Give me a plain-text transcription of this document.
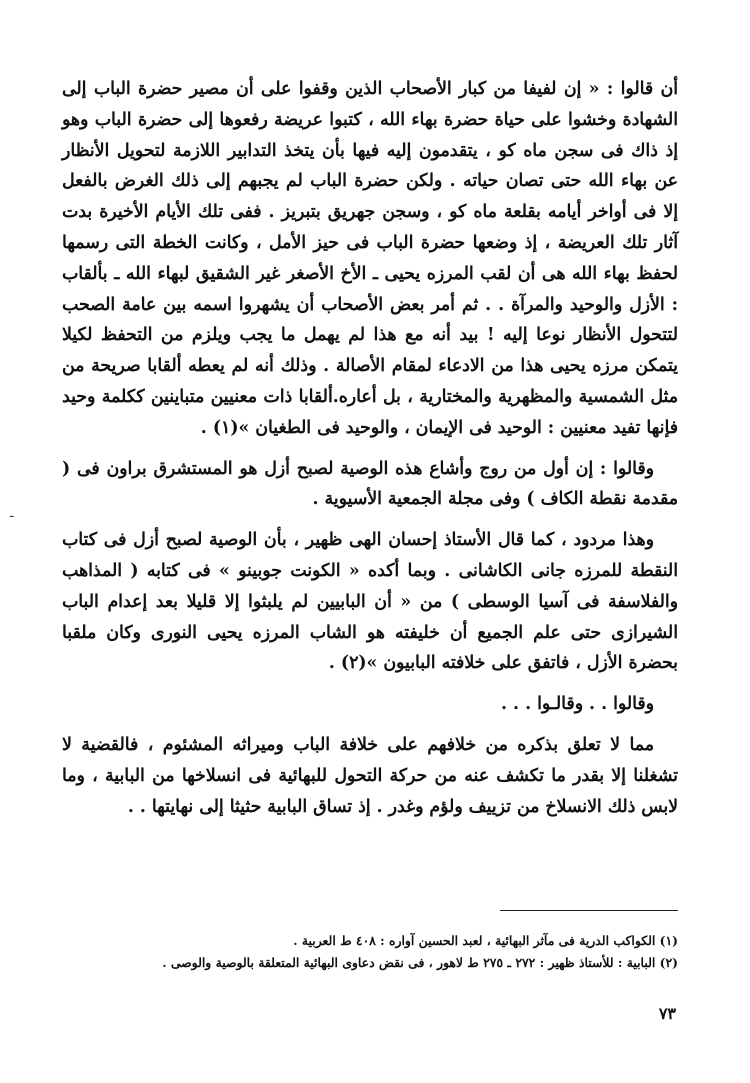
أن قالوا : « إن لفيفا من كبار الأصحاب الذين وقفوا على أن مصير حضرة الباب إلى الشهادة وخشوا على حياة حضرة بهاء الله ، كتبوا عريضة رفعوها إلى حضرة الباب وهو إذ ذاك فى سجن ماه كو ، يتقدمون إليه فيها بأن يتخذ التدابير اللازمة لتحويل الأنظار عن بهاء الله حتى تصان حياته . ولكن حضرة الباب لم يجبهم إلى ذلك الغرض بالفعل إلا فى أواخر أيامه بقلعة ماه كو ، وسجن جهريق بتبريز . ففى تلك الأيام الأخيرة بدت آثار تلك العريضة ، إذ وضعها حضرة الباب فى حيز الأمل ، وكانت الخطة التى رسمها لحفظ بهاء الله هى أن لقب المرزه يحيى ـ الأخ الأصغر غير الشقيق لبهاء الله ـ بألقاب : الأزل والوحيد والمرآة . . ثم أمر بعض الأصحاب أن يشهروا اسمه بين عامة الصحب لتتحول الأنظار نوعا إليه ! بيد أنه مع هذا لم يهمل ما يجب ويلزم من التحفظ لكيلا يتمكن مرزه يحيى هذا من الادعاء لمقام الأصالة . وذلك أنه لم يعطه ألقابا صريحة من مثل الشمسية والمظهرية والمختارية ، بل أعاره.ألقابا ذات معنيين متباينين ككلمة وحيد فإنها تفيد معنيين : الوحيد فى الإيمان ، والوحيد فى الطغيان »(١) .

وقالوا : إن أول من روج وأشاع هذه الوصية لصبح أزل هو المستشرق براون فى ( مقدمة نقطة الكاف ) وفى مجلة الجمعية الأسيوية .

وهذا مردود ، كما قال الأستاذ إحسان الهى ظهير ، بأن الوصية لصبح أزل فى كتاب النقطة للمرزه جانى الكاشانى . وبما أكده « الكونت جوبينو » فى كتابه ( المذاهب والفلاسفة فى آسيا الوسطى ) من « أن البابيين لم يلبثوا إلا قليلا بعد إعدام الباب الشيرازى حتى علم الجميع أن خليفته هو الشاب المرزه يحيى النورى وكان ملقبا بحضرة الأزل ، فاتفق على خلافته البابيون »(٢) .

وقالوا . . وقالـوا . . .

مما لا تعلق بذكره من خلافهم على خلافة الباب وميراثه المشئوم ، فالقضية لا تشغلنا إلا بقدر ما تكشف عنه من حركة التحول للبهائية فى انسلاخها من البابية ، وما لابس ذلك الانسلاخ من تزييف ولؤم وغدر . إذ تساق البابية حثيثا إلى نهايتها . .

(١) الكواكب الدرية فى مآثر البهائية ، لعبد الحسين آواره : ٤٠٨ ط العربية .

(٢) البابية : للأستاذ ظهير : ٢٧٢ ـ ٢٧٥ ط لاهور ، فى نقض دعاوى البهائية المتعلقة بالوصية والوصى .

٧٣
ـ
